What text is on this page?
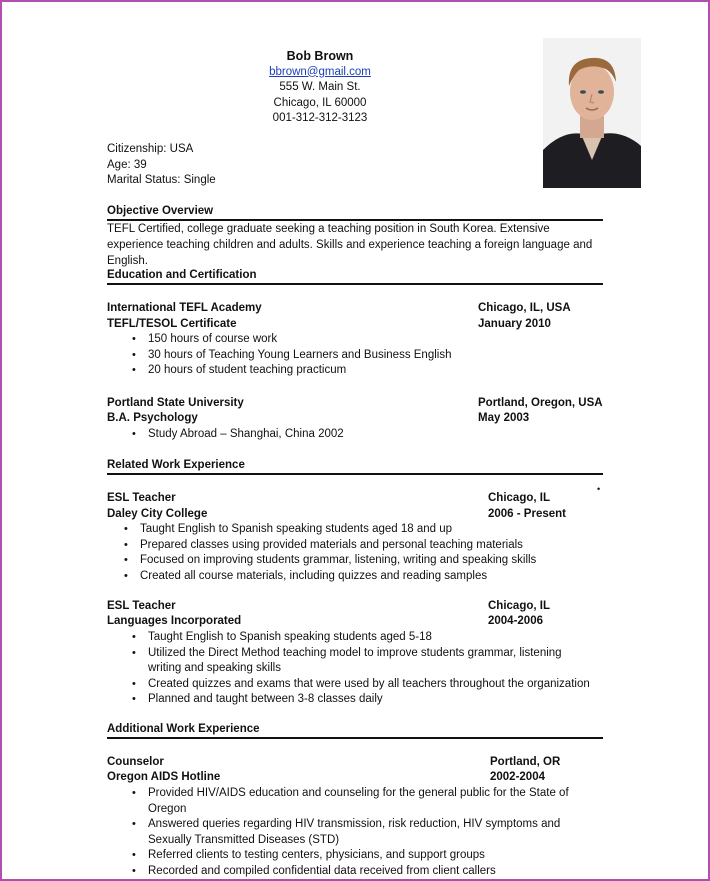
Bob Brown
bbrown@gmail.com
555 W. Main St.
Chicago, IL 60000
001-312-312-3123
Citizenship: USA
Age: 39
Marital Status: Single
Objective Overview
TEFL Certified, college graduate seeking a teaching position in South Korea. Extensive experience teaching children and adults. Skills and experience teaching a foreign language and English.
Education and Certification
International TEFL Academy	Chicago, IL, USA
TEFL/TESOL Certificate	January 2010
• 150 hours of course work
• 30 hours of Teaching Young Learners and Business English
• 20 hours of student teaching practicum
Portland State University	Portland, Oregon, USA
B.A. Psychology	May 2003
• Study Abroad – Shanghai, China 2002
Related Work Experience
•
ESL Teacher	Chicago, IL
Daley City College	2006 - Present
• Taught English to Spanish speaking students aged 18 and up
• Prepared classes using provided materials and personal teaching materials
• Focused on improving students grammar, listening, writing and speaking skills
• Created all course materials, including quizzes and reading samples
ESL Teacher	Chicago, IL
Languages Incorporated	2004-2006
• Taught English to Spanish speaking students aged 5-18
• Utilized the Direct Method teaching model to improve students grammar, listening
writing and speaking skills
• Created quizzes and exams that were used by all teachers throughout the organization
• Planned and taught between 3-8 classes daily
Additional Work Experience
Counselor	Portland, OR
Oregon AIDS Hotline	2002-2004
• Provided HIV/AIDS education and counseling for the general public for the State of
Oregon
• Answered queries regarding HIV transmission, risk reduction, HIV symptoms and
Sexually Transmitted Diseases (STD)
• Referred clients to testing centers, physicians, and support groups
• Recorded and compiled confidential data received from client callers
